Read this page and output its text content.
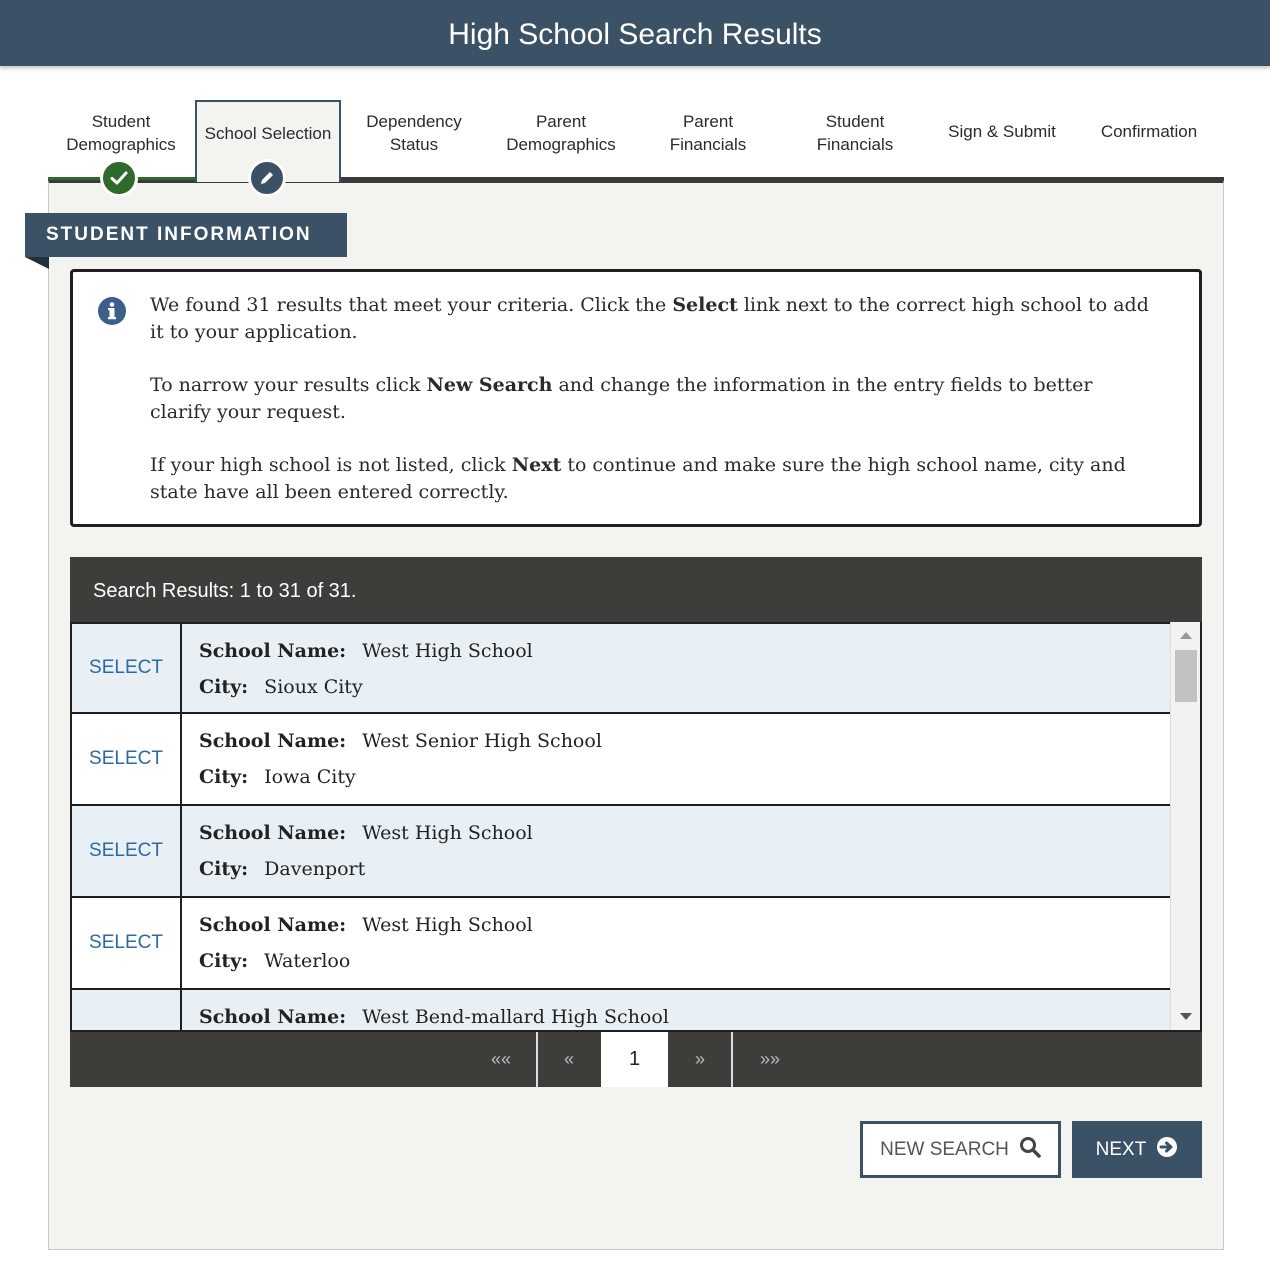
High School Search Results
Student
Demographics
School Selection
Dependency
Status
Parent
Demographics
Parent
Financials
Student
Financials
Sign & Submit	Confirmation
STUDENT INFORMATION

We found 31 results that meet your criteria. Click the Select link next to the correct high school to add it to your application.

To narrow your results click New Search and change the information in the entry fields to better clarify your request.

If your high school is not listed, click Next to continue and make sure the high school name, city and state have all been entered correctly.

Search Results: 1 to 31 of 31.
SELECT
School Name: West High School
City: Sioux City
SELECT
School Name: West Senior High School
City: Iowa City
SELECT
School Name: West High School
City: Davenport
SELECT
School Name: West High School
City: Waterloo
School Name: West Bend-mallard High School
««	«	1	»	»»
NEW SEARCH	NEXT
